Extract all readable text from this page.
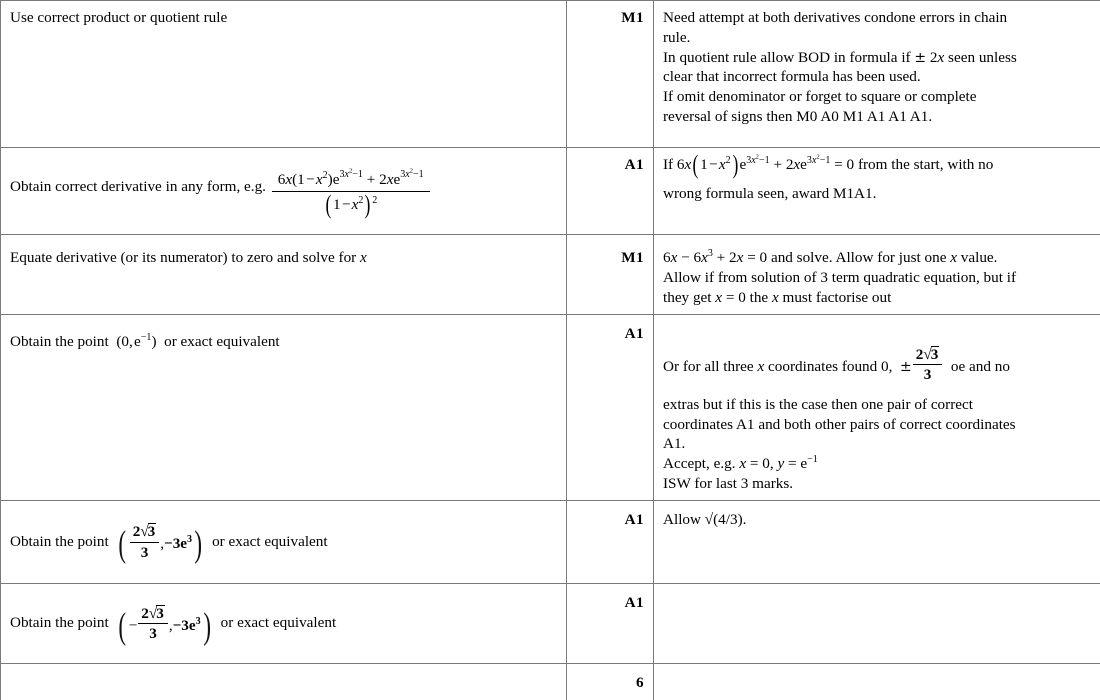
Use correct product or quotient rule	M1	Need attempt at both derivatives condone errors in chain
rule.
In quotient rule allow BOD in formula if ± 2x seen unless
clear that incorrect formula has been used.
If omit denominator or forget to square or complete
reversal of signs then M0 A0 M1 A1 A1 A1.

Obtain correct derivative in any form, e.g. $\frac{6x(1 - x^2)e^{3x^2-1} + 2xe^{3x^2-1}}{(1 - x^2) ^2}$	A1	If 6x(1 − $x^2)e^{3x^2-1} + 2xe^{3x^2-1} = 0$ from the start, with no
wrong formula seen, award M1A1.

Equate derivative (or its numerator) to zero and solve for x	M1	$6x - 6x^3 + 2x = 0$ and solve. Allow for just one x value.
Allow if from solution of 3 term quadratic equation, but if
they get x = 0 the x must factorise out

Obtain the point (0, $e^{-1}$) or exact equivalent	A1	
Or for all three x coordinates found 0, ± $\frac{2√3}{3}$ oe and no
extras but if this is the case then one pair of correct
coordinates A1 and both other pairs of correct coordinates
A1.
Accept, e.g. x = 0, $y = e^{-1}$
ISW for last 3 marks.

Obtain the point ( $\frac{2√3}{3} ,-3e^3$) or exact equivalent	A1	Allow √(4/3).

Obtain the point ( − $\frac{2√3}{3} ,-3e^3$) or exact equivalent	A1	
	6	
